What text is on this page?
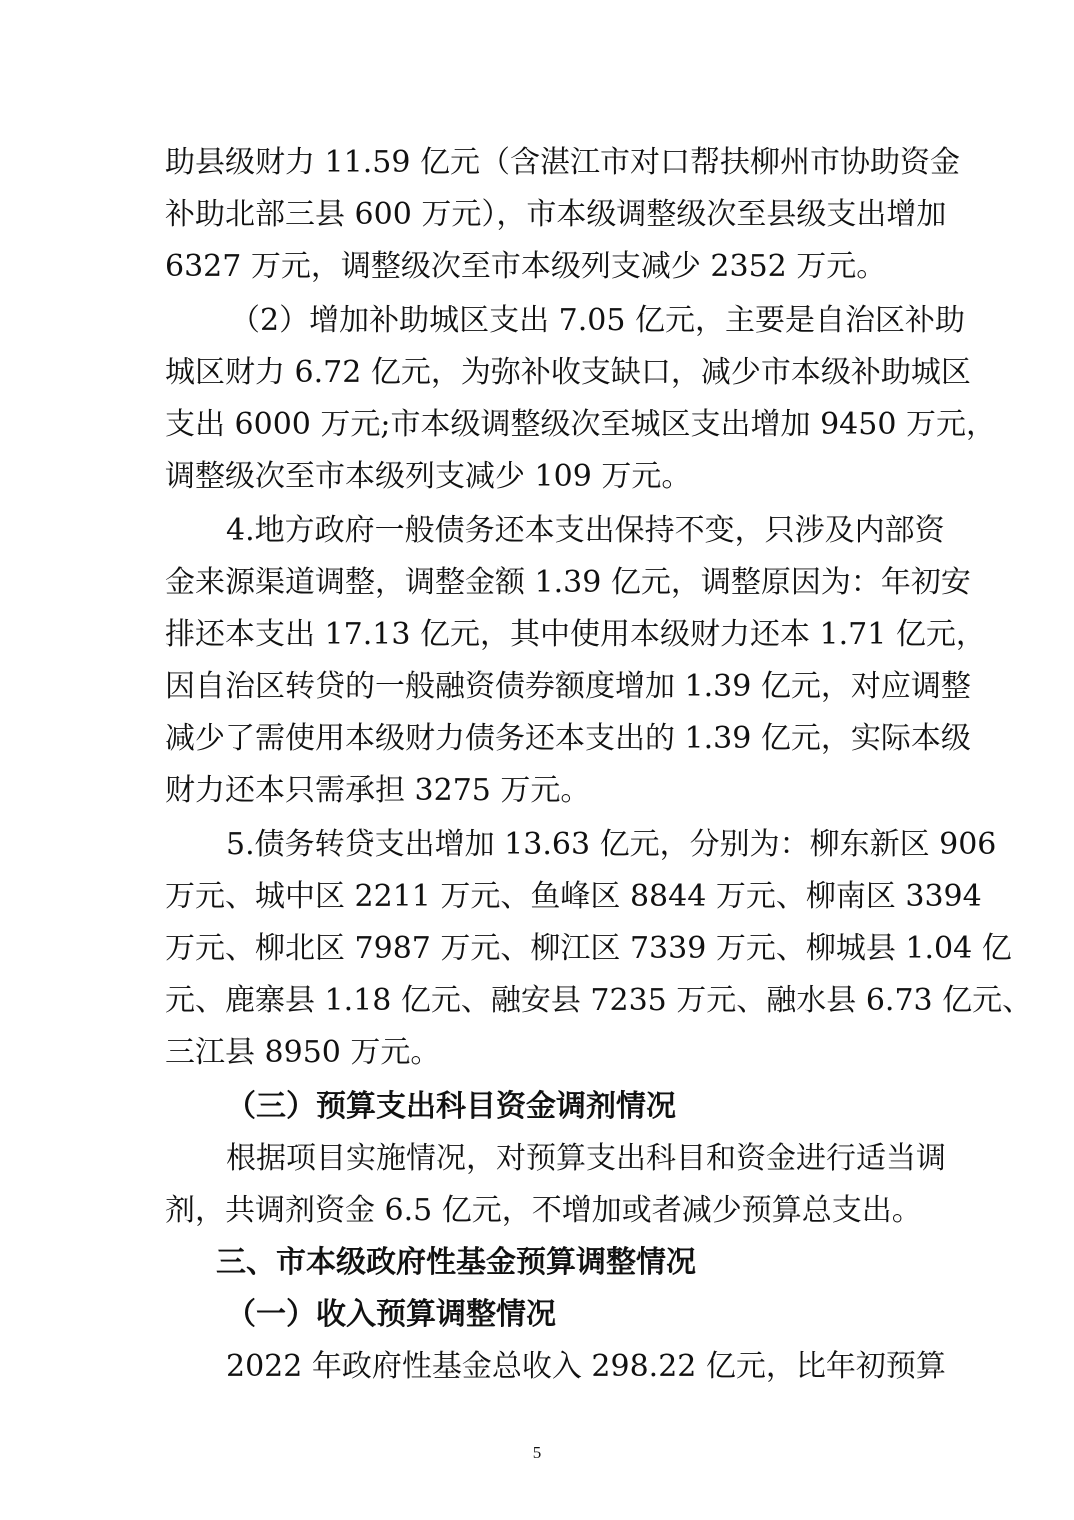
助县级财力 11.59 亿元（含湛江市对口帮扶柳州市协助资金
补助北部三县 600 万元），市本级调整级次至县级支出增加
6327 万元，调整级次至市本级列支减少 2352 万元。
（2）增加补助城区支出 7.05 亿元，主要是自治区补助
城区财力 6.72 亿元，为弥补收支缺口，减少市本级补助城区
支出 6000 万元;市本级调整级次至城区支出增加 9450 万元，
调整级次至市本级列支减少 109 万元。
4.地方政府一般债务还本支出保持不变，只涉及内部资
金来源渠道调整，调整金额 1.39 亿元，调整原因为：年初安
排还本支出 17.13 亿元，其中使用本级财力还本 1.71 亿元，
因自治区转贷的一般融资债券额度增加 1.39 亿元，对应调整
减少了需使用本级财力债务还本支出的 1.39 亿元，实际本级
财力还本只需承担 3275 万元。
5.债务转贷支出增加 13.63 亿元，分别为：柳东新区 906
万元、城中区 2211 万元、鱼峰区 8844 万元、柳南区 3394
万元、柳北区 7987 万元、柳江区 7339 万元、柳城县 1.04 亿
元、鹿寨县 1.18 亿元、融安县 7235 万元、融水县 6.73 亿元、
三江县 8950 万元。
（三）预算支出科目资金调剂情况
根据项目实施情况，对预算支出科目和资金进行适当调
剂，共调剂资金 6.5 亿元，不增加或者减少预算总支出。
三、市本级政府性基金预算调整情况
（一）收入预算调整情况
2022 年政府性基金总收入 298.22 亿元，比年初预算
5
